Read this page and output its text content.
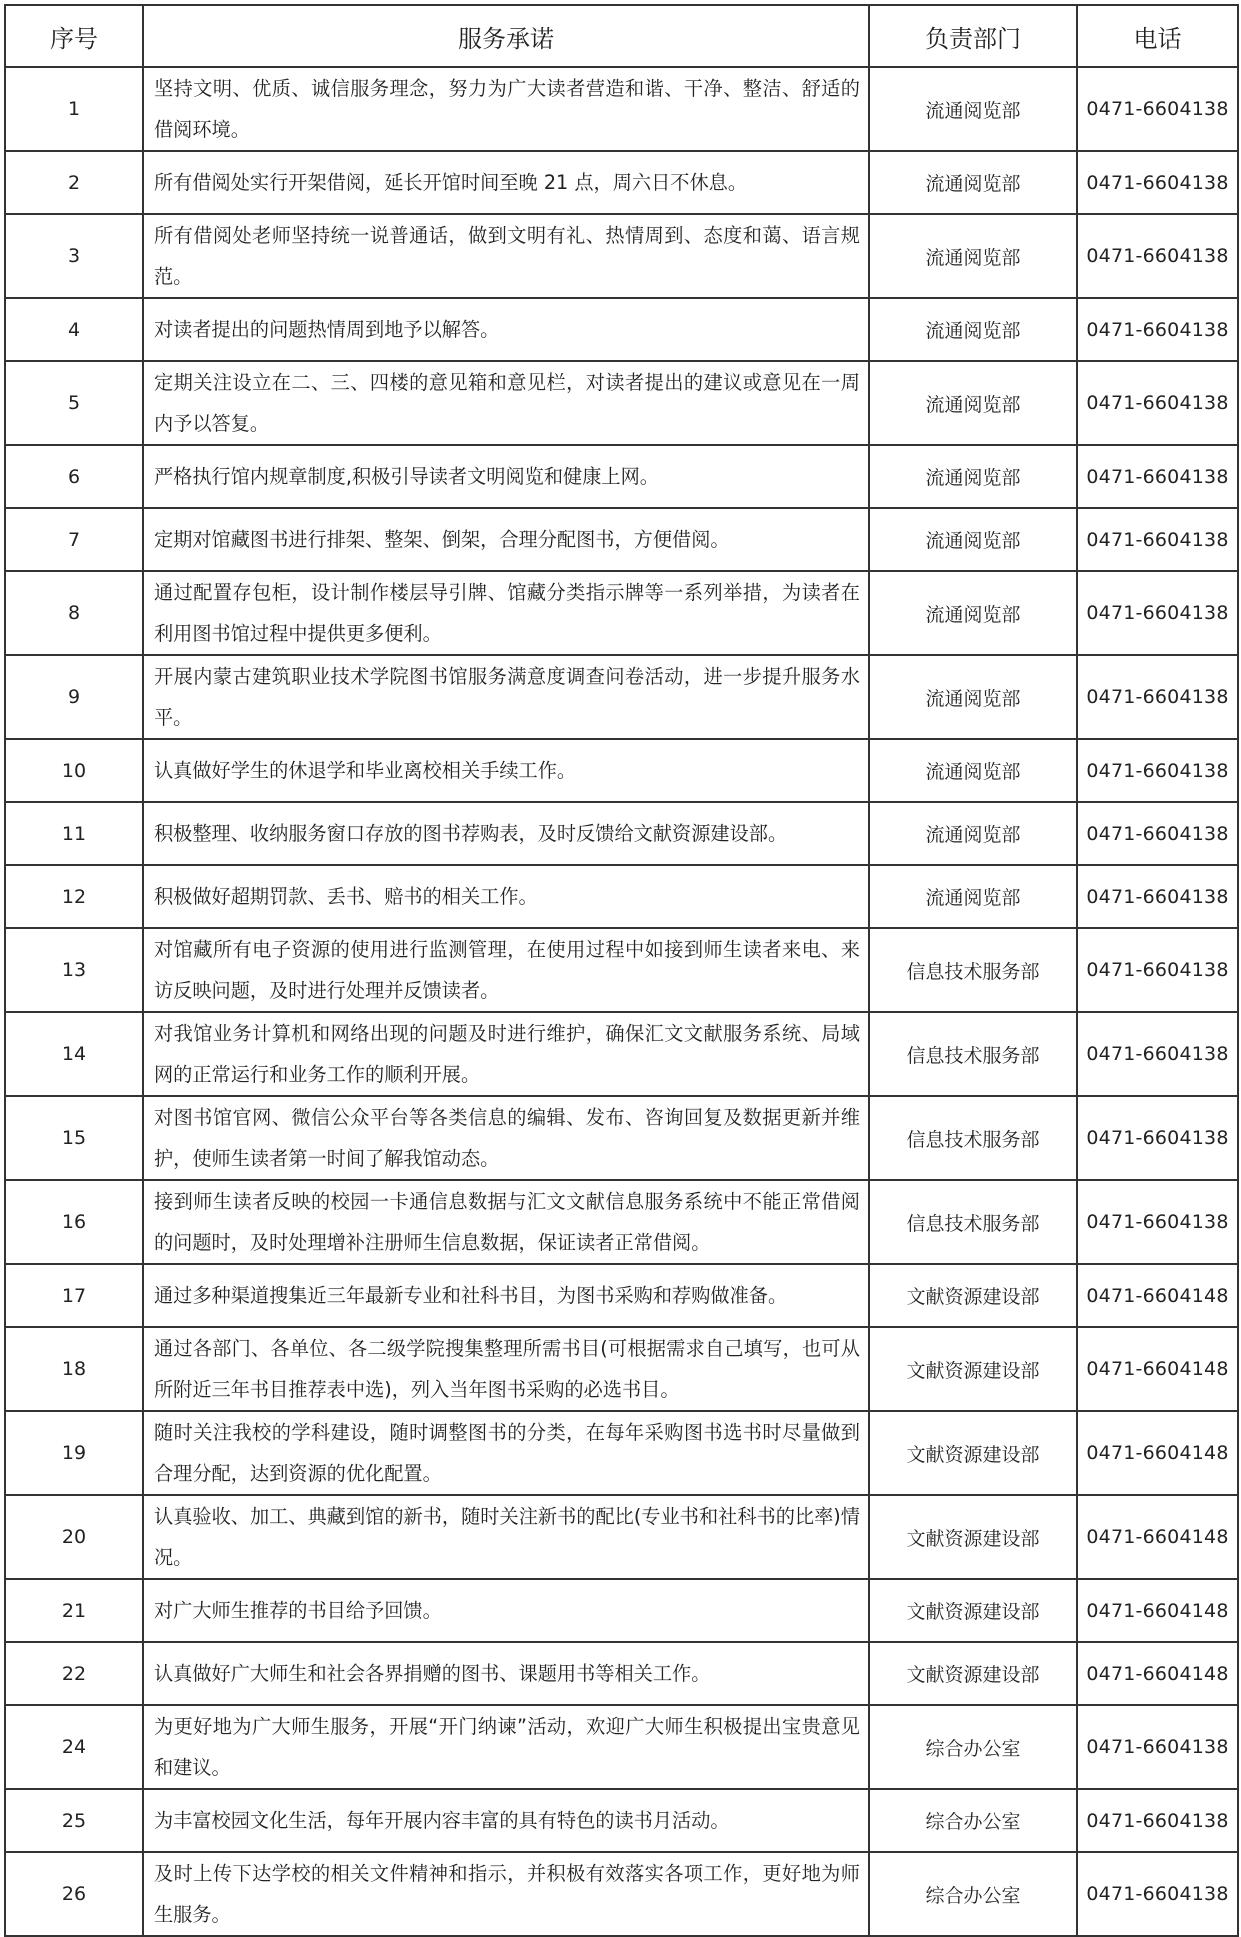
序号	服务承诺	负责部门	电话
1	坚持文明、优质、诚信服务理念，努力为广大读者营造和谐、干净、整洁、舒适的借阅环境。	流通阅览部	0471-6604138
2	所有借阅处实行开架借阅，延长开馆时间至晚 21 点，周六日不休息。	流通阅览部	0471-6604138
3	所有借阅处老师坚持统一说普通话，做到文明有礼、热情周到、态度和蔼、语言规范。	流通阅览部	0471-6604138
4	对读者提出的问题热情周到地予以解答。	流通阅览部	0471-6604138
5	定期关注设立在二、三、四楼的意见箱和意见栏，对读者提出的建议或意见在一周内予以答复。	流通阅览部	0471-6604138
6	严格执行馆内规章制度,积极引导读者文明阅览和健康上网。	流通阅览部	0471-6604138
7	定期对馆藏图书进行排架、整架、倒架，合理分配图书，方便借阅。	流通阅览部	0471-6604138
8	通过配置存包柜，设计制作楼层导引牌、馆藏分类指示牌等一系列举措，为读者在利用图书馆过程中提供更多便利。	流通阅览部	0471-6604138
9	开展内蒙古建筑职业技术学院图书馆服务满意度调查问卷活动，进一步提升服务水平。	流通阅览部	0471-6604138
10	认真做好学生的休退学和毕业离校相关手续工作。	流通阅览部	0471-6604138
11	积极整理、收纳服务窗口存放的图书荐购表，及时反馈给文献资源建设部。	流通阅览部	0471-6604138
12	积极做好超期罚款、丢书、赔书的相关工作。	流通阅览部	0471-6604138
13	对馆藏所有电子资源的使用进行监测管理，在使用过程中如接到师生读者来电、来访反映问题，及时进行处理并反馈读者。	信息技术服务部	0471-6604138
14	对我馆业务计算机和网络出现的问题及时进行维护，确保汇文文献服务系统、局域网的正常运行和业务工作的顺利开展。	信息技术服务部	0471-6604138
15	对图书馆官网、微信公众平台等各类信息的编辑、发布、咨询回复及数据更新并维护，使师生读者第一时间了解我馆动态。	信息技术服务部	0471-6604138
16	接到师生读者反映的校园一卡通信息数据与汇文文献信息服务系统中不能正常借阅的问题时，及时处理增补注册师生信息数据，保证读者正常借阅。	信息技术服务部	0471-6604138
17	通过多种渠道搜集近三年最新专业和社科书目，为图书采购和荐购做准备。	文献资源建设部	0471-6604148
18	通过各部门、各单位、各二级学院搜集整理所需书目(可根据需求自己填写，也可从所附近三年书目推荐表中选)，列入当年图书采购的必选书目。	文献资源建设部	0471-6604148
19	随时关注我校的学科建设，随时调整图书的分类，在每年采购图书选书时尽量做到合理分配，达到资源的优化配置。	文献资源建设部	0471-6604148
20	认真验收、加工、典藏到馆的新书，随时关注新书的配比(专业书和社科书的比率)情况。	文献资源建设部	0471-6604148
21	对广大师生推荐的书目给予回馈。	文献资源建设部	0471-6604148
22	认真做好广大师生和社会各界捐赠的图书、课题用书等相关工作。	文献资源建设部	0471-6604148
24	为更好地为广大师生服务，开展“开门纳谏”活动，欢迎广大师生积极提出宝贵意见和建议。	综合办公室	0471-6604138
25	为丰富校园文化生活，每年开展内容丰富的具有特色的读书月活动。	综合办公室	0471-6604138
26	及时上传下达学校的相关文件精神和指示，并积极有效落实各项工作，更好地为师生服务。	综合办公室	0471-6604138
